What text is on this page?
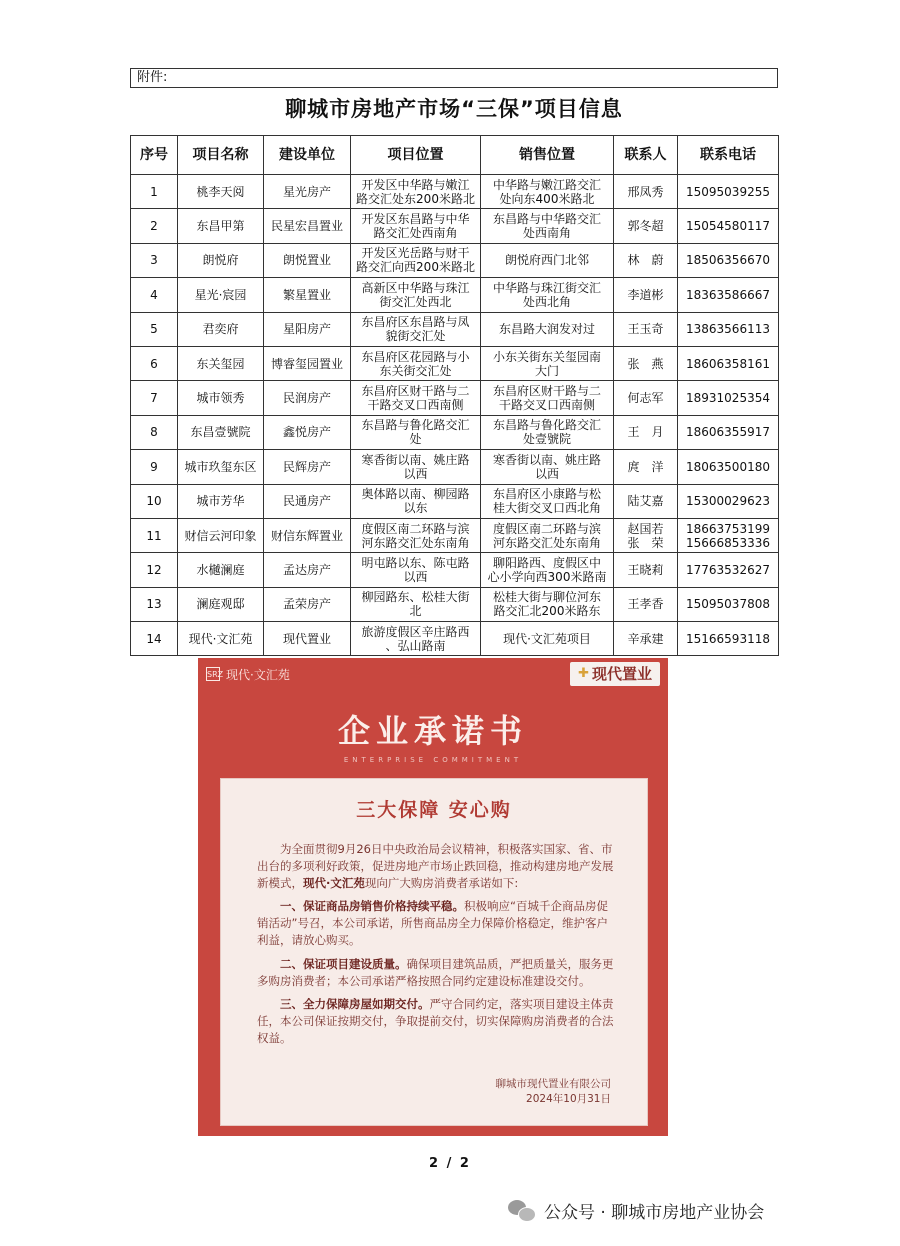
附件:
聊城市房地产市场“三保”项目信息
序号	项目名称	建设单位	项目位置	销售位置	联系人	联系电话
1	桃李天阅	星光房产	开发区中华路与嫩江
路交汇处东200米路北	中华路与嫩江路交汇
处向东400米路北	邢凤秀	15095039255
2	东昌甲第	民星宏昌置业	开发区东昌路与中华
路交汇处西南角	东昌路与中华路交汇
处西南角	郭冬超	15054580117
3	朗悦府	朗悦置业	开发区光岳路与财干
路交汇向西200米路北	朗悦府西门北邻	林　蔚	18506356670
4	星光·宸园	繁星置业	高新区中华路与珠江
街交汇处西北	中华路与珠江街交汇
处西北角	李道彬	18363586667
5	君奕府	星阳房产	东昌府区东昌路与凤
貌街交汇处	东昌路大润发对过	王玉奇	13863566113
6	东关玺园	博睿玺园置业	东昌府区花园路与小
东关街交汇处	小东关街东关玺园南
大门	张　燕	18606358161
7	城市领秀	民润房产	东昌府区财干路与二
干路交叉口西南侧	东昌府区财干路与二
干路交叉口西南侧	何志军	18931025354
8	东昌壹號院	鑫悦房产	东昌路与鲁化路交汇
处	东昌路与鲁化路交汇
处壹號院	王　月	18606355917
9	城市玖玺东区	民辉房产	寒香街以南、姚庄路
以西	寒香街以南、姚庄路
以西	庹　洋	18063500180
10	城市芳华	民通房产	奥体路以南、柳园路
以东	东昌府区小康路与松
桂大街交叉口西北角	陆艾嘉	15300029623
11	财信云河印象	财信东辉置业	度假区南二环路与滨
河东路交汇处东南角	度假区南二环路与滨
河东路交汇处东南角	赵国若
张　荣	18663753199
15666853336
12	水樾澜庭	孟达房产	明屯路以东、陈屯路
以西	聊阳路西、度假区中
心小学向西300米路南	王晓莉	17763532627
13	澜庭观邸	孟荣房产	柳园路东、松桂大街
北	松桂大街与聊位河东
路交汇北200米路东	王孝香	15095037808
14	现代·文汇苑	现代置业	旅游度假区辛庄路西
、弘山路南	现代·文汇苑项目	辛承建	15166593118
SRZ 现代·文汇苑	✚ 现代置业
企业承诺书
ENTERPRISE COMMITMENT
三大保障 安心购

为全面贯彻9月26日中央政治局会议精神，积极落实国家、省、市出台的多项利好政策，促进房地产市场止跌回稳，推动构建房地产发展新模式，现代·文汇苑现向广大购房消费者承诺如下:

一、保证商品房销售价格持续平稳。积极响应“百城千企商品房促销活动”号召，本公司承诺，所售商品房全力保障价格稳定，维护客户利益，请放心购买。

二、保证项目建设质量。确保项目建筑品质，严把质量关，服务更多购房消费者；本公司承诺严格按照合同约定建设标准建设交付。

三、全力保障房屋如期交付。严守合同约定，落实项目建设主体责任，本公司保证按期交付，争取提前交付，切实保障购房消费者的合法权益。

聊城市现代置业有限公司
2024年10月31日
2 / 2
公众号 · 聊城市房地产业协会
